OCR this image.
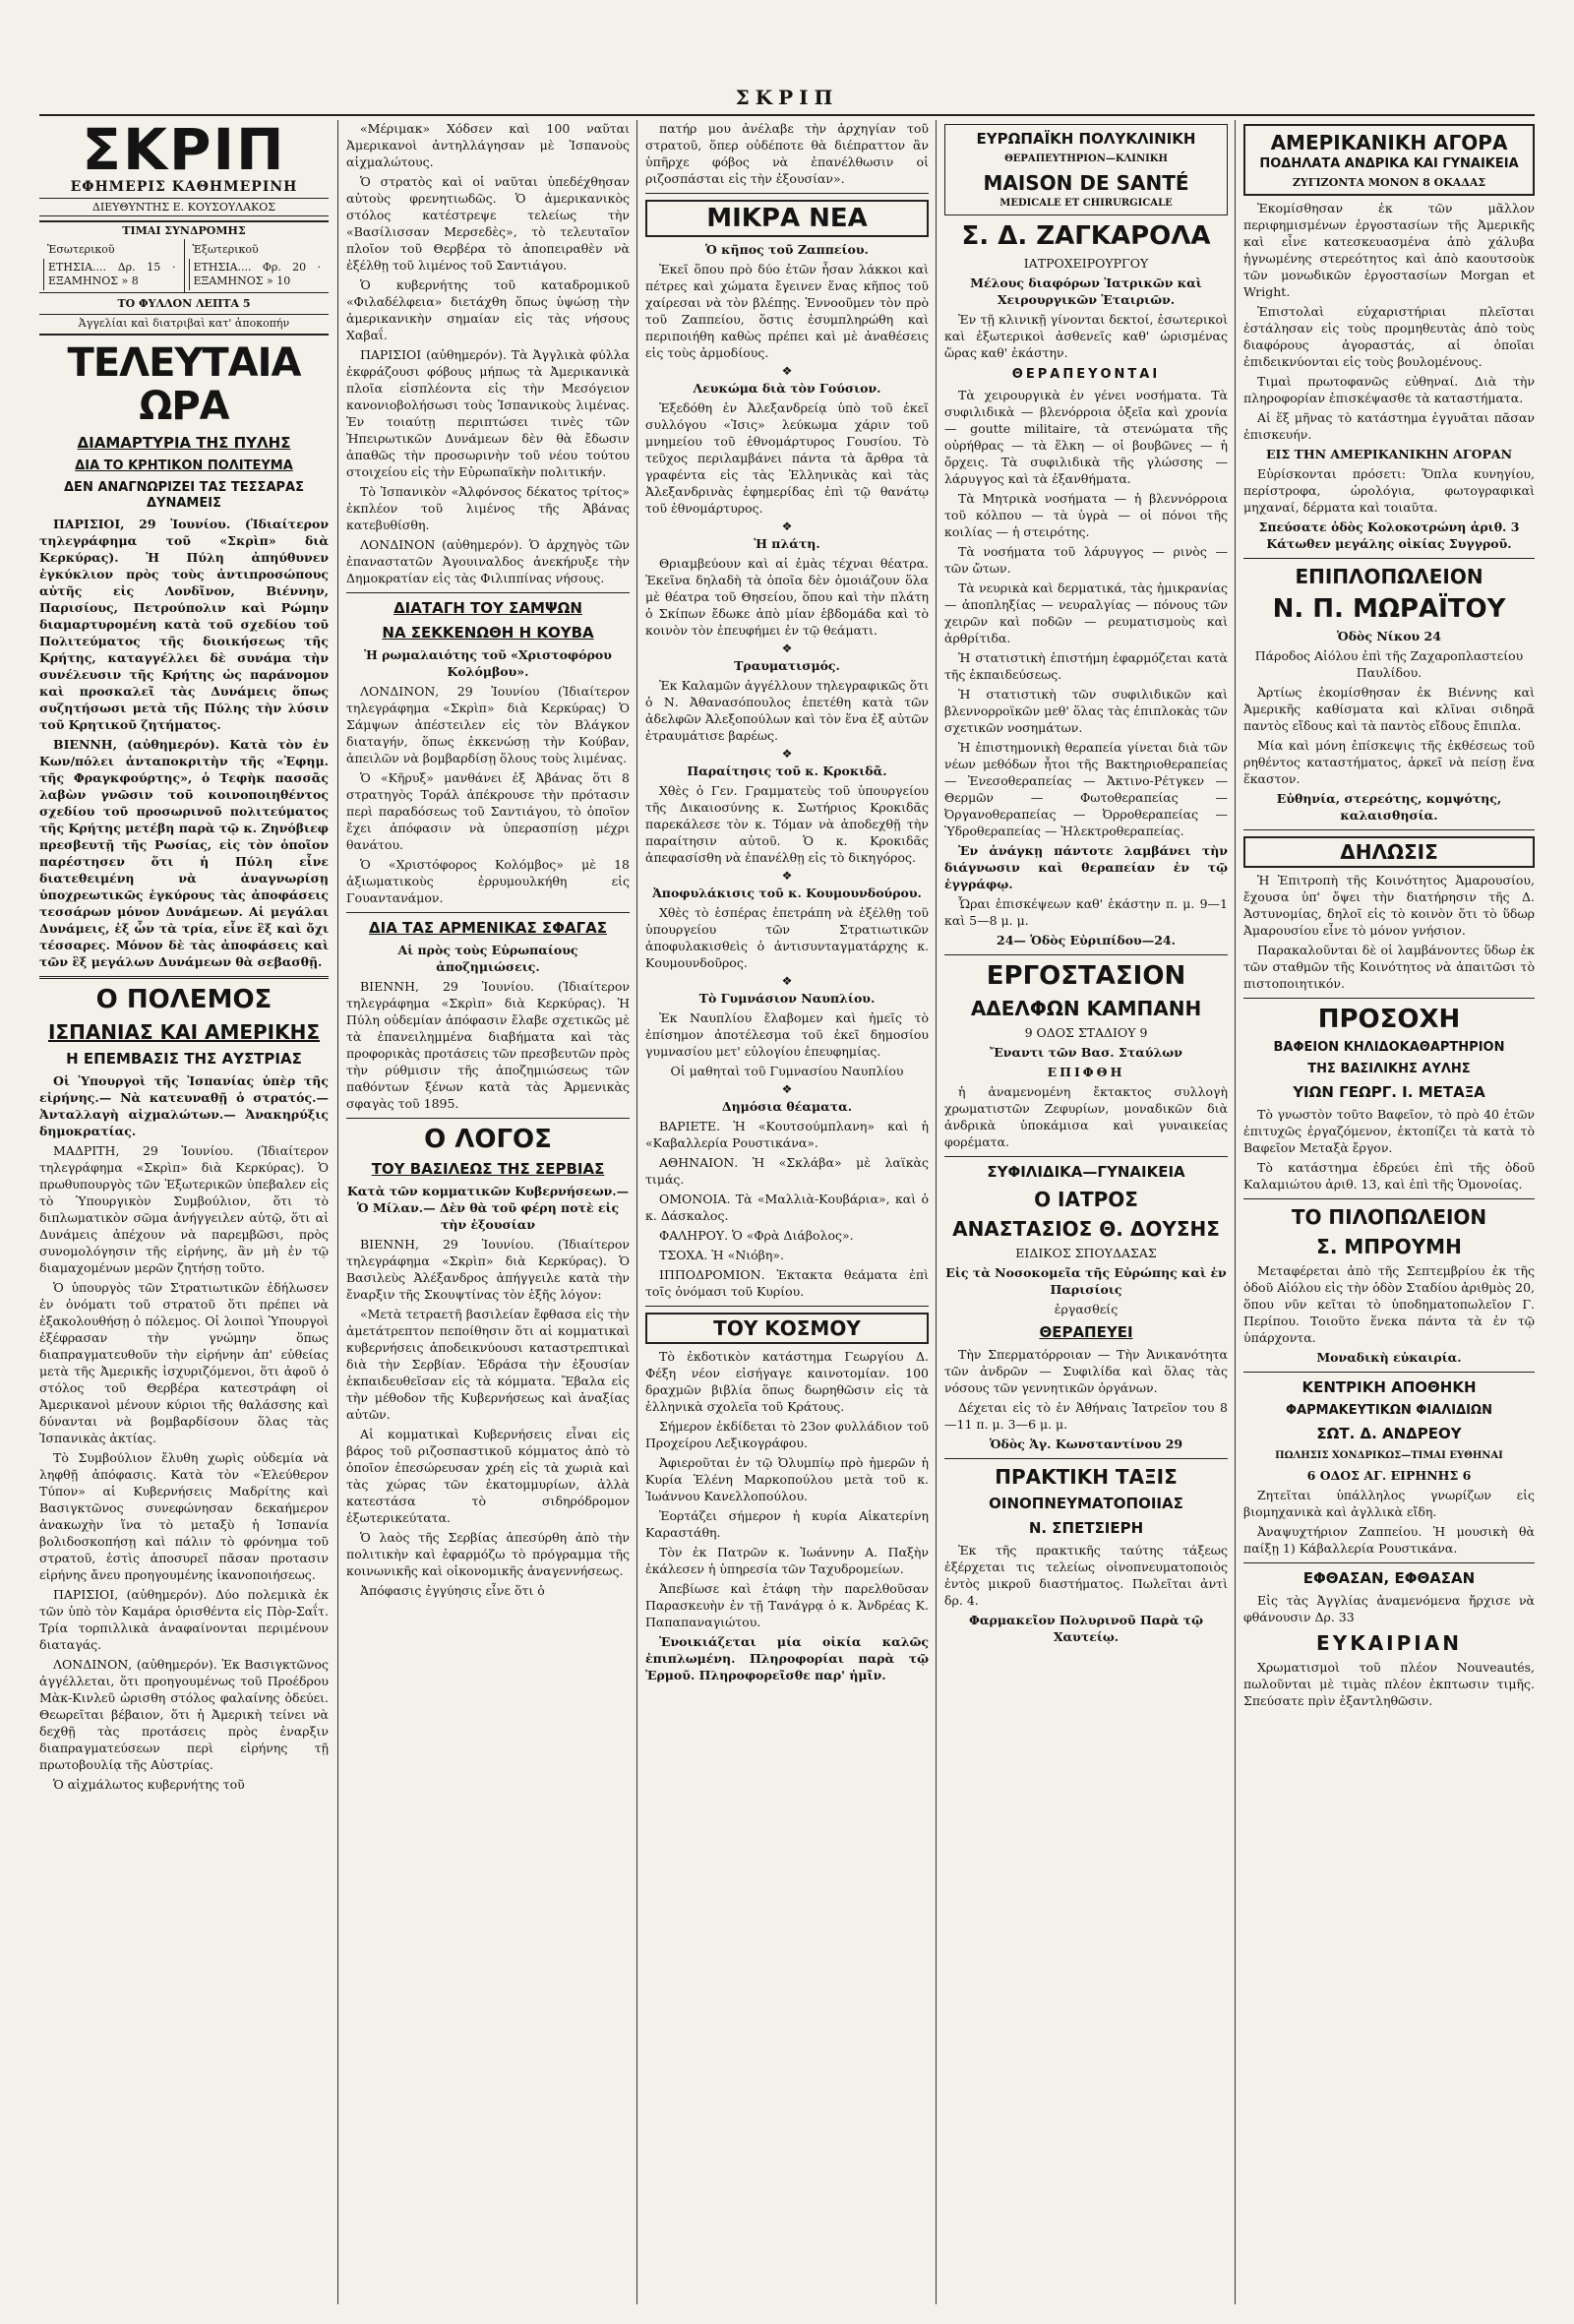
ΣΚΡΙΠ
ΣΚΡΙΠ
ΕΦΗΜΕΡΙΣ ΚΑΘΗΜΕΡΙΝΗ
ΔΙΕΥΘΥΝΤΗΣ Ε. ΚΟΥΣΟΥΛΑΚΟΣ
ΤΙΜΑΙ ΣΥΝΔΡΟΜΗΣ
Ἐσωτερικοῦ
ΕΤΗΣΙΑ.... Δρ. 15 · ΕΞΑΜΗΝΟΣ » 8
Ἐξωτερικοῦ
ΕΤΗΣΙΑ.... Φρ. 20 · ΕΞΑΜΗΝΟΣ » 10
ΤΟ ΦΥΛΛΟΝ ΛΕΠΤΑ 5
Ἀγγελίαι καὶ διατριβαὶ κατ' ἀποκοπήν
ΤΕΛΕΥΤΑΙΑ ΩΡΑ
ΔΙΑΜΑΡΤΥΡΙΑ ΤΗΣ ΠΥΛΗΣ
ΔΙΑ ΤΟ ΚΡΗΤΙΚΟΝ ΠΟΛΙΤΕΥΜΑ
ΔΕΝ ΑΝΑΓΝΩΡΙΖΕΙ ΤΑΣ ΤΕΣΣΑΡΑΣ ΔΥΝΑΜΕΙΣ

ΠΑΡΙΣΙΟΙ, 29 Ἰουνίου. (Ἰδιαίτερον τηλεγράφημα τοῦ «Σκρὶπ» διὰ Κερκύρας). Ἡ Πύλη ἀπηύθυνεν ἐγκύκλιον πρὸς τοὺς ἀντιπροσώπους αὐτῆς εἰς Λονδῖνον, Βιέννην, Παρισίους, Πετρούπολιν καὶ Ρώμην διαμαρτυρομένη κατὰ τοῦ σχεδίου τοῦ Πολιτεύματος τῆς διοικήσεως τῆς Κρήτης, καταγγέλλει δὲ συνάμα τὴν συνέλευσιν τῆς Κρήτης ὡς παράνομον καὶ προσκαλεῖ τὰς Δυνάμεις ὅπως συζητήσωσι μετὰ τῆς Πύλης τὴν λύσιν τοῦ Κρητικοῦ ζητήματος.

ΒΙΕΝΝΗ, (αὐθημερόν). Κατὰ τὸν ἐν Κων/πόλει ἀνταποκριτὴν τῆς «Ἐφημ. τῆς Φραγκφούρτης», ὁ Τεφὴκ πασσᾶς λαβὼν γνῶσιν τοῦ κοινοποιηθέντος σχεδίου τοῦ προσωρινοῦ πολιτεύματος τῆς Κρήτης μετέβη παρὰ τῷ κ. Ζηνόβιεφ πρεσβευτῇ τῆς Ρωσίας, εἰς τὸν ὁποῖον παρέστησεν ὅτι ἡ Πύλη εἶνε διατεθειμένη νὰ ἀναγνωρίσῃ ὑποχρεωτικῶς ἐγκύρους τὰς ἀποφάσεις τεσσάρων μόνον Δυνάμεων. Αἱ μεγάλαι Δυνάμεις, ἐξ ὧν τὰ τρία, εἶνε ἓξ καὶ ὄχι τέσσαρες. Μόνον δὲ τὰς ἀποφάσεις καὶ τῶν ἓξ μεγάλων Δυνάμεων θὰ σεβασθῇ.

Ο ΠΟΛΕΜΟΣ
ΙΣΠΑΝΙΑΣ ΚΑΙ ΑΜΕΡΙΚΗΣ
Η ΕΠΕΜΒΑΣΙΣ ΤΗΣ ΑΥΣΤΡΙΑΣ

Οἱ Ὑπουργοὶ τῆς Ἰσπανίας ὑπὲρ τῆς εἰρήνης.— Νὰ κατευναθῇ ὁ στρατός.— Ἀνταλλαγὴ αἰχμαλώτων.— Ἀνακηρύξις δημοκρατίας.

ΜΑΔΡΙΤΗ, 29 Ἰουνίου. (Ἰδιαίτερον τηλεγράφημα «Σκρὶπ» διὰ Κερκύρας). Ὁ πρωθυπουργὸς τῶν Ἐξωτερικῶν ὑπεβαλεν εἰς τὸ Ὑπουργικὸν Συμβούλιον, ὅτι τὸ διπλωματικὸν σῶμα ἀνήγγειλεν αὐτῷ, ὅτι αἱ Δυνάμεις ἀπέχουν νὰ παρεμβῶσι, πρὸς συνομολόγησιν τῆς εἰρήνης, ἂν μὴ ἐν τῷ διαμαχομένων μερῶν ζητήσῃ τοῦτο.

Ὁ ὑπουργὸς τῶν Στρατιωτικῶν ἐδήλωσεν ἐν ὀνόματι τοῦ στρατοῦ ὅτι πρέπει νὰ ἐξακολουθήσῃ ὁ πόλεμος. Οἱ λοιποὶ Ὑπουργοὶ ἐξέφρασαν τὴν γνώμην ὅπως διαπραγματευθοῦν τὴν εἰρήνην ἀπ' εὐθείας μετὰ τῆς Ἀμερικῆς ἰσχυριζόμενοι, ὅτι ἀφοῦ ὁ στόλος τοῦ Θερβέρα κατεστράφη οἱ Ἀμερικανοὶ μένουν κύριοι τῆς θαλάσσης καὶ δύνανται νὰ βομβαρδίσουν ὅλας τὰς Ἰσπανικὰς ἀκτίας.

Τὸ Συμβούλιον ἔλυθη χωρὶς οὐδεμία νὰ ληφθῇ ἀπόφασις. Κατὰ τὸν «Ἐλεύθερον Τύπον» αἱ Κυβερνήσεις Μαδρίτης καὶ Βασιγκτῶνος συνεφώνησαν δεκαήμερον ἀνακωχὴν ἵνα τὸ μεταξὺ ἡ Ἰσπανία βολιδοσκοπήσῃ καὶ πάλιν τὸ φρόνημα τοῦ στρατοῦ, ἐστὶς ἀποσυρεῖ πᾶσαν προτασιν εἰρήνης ἄνευ προηγουμένης ἱκανοποιήσεως.

ΠΑΡΙΣΙΟΙ, (αὐθημερόν). Δύο πολεμικὰ ἐκ τῶν ὑπὸ τὸν Καμάρα ὁρισθέντα εἰς Πὸρ-Σαΐτ. Τρία τορπιλλικὰ ἀναφαίνονται περιμένουν διαταγάς.

ΛΟΝΔΙΝΟΝ, (αὐθημερόν). Ἐκ Βασιγκτῶνος ἀγγέλλεται, ὅτι προηγουμένως τοῦ Προέδρου Μὰκ-Κινλεῦ ὡρισθη στόλος φαλαίνης ὀδεύει. Θεωρεῖται βέβαιον, ὅτι ἡ Ἀμερικὴ τείνει νὰ δεχθῇ τὰς προτάσεις πρὸς ἐναρξιν διαπραγματεύσεων περὶ εἰρήνης τῇ πρωτοβουλίᾳ τῆς Αὐστρίας.

Ὁ αἰχμάλωτος κυβερνήτης τοῦ

«Μέριμακ» Χόδσεν καὶ 100 ναῦται Ἀμερικανοὶ ἀντηλλάγησαν μὲ Ἰσπανοὺς αἰχμαλώτους.

Ὁ στρατὸς καὶ οἱ ναῦται ὑπεδέχθησαν αὐτοὺς φρενητιωδῶς. Ὁ ἀμερικανικὸς στόλος κατέστρεψε τελείως τὴν «Βασίλισσαν Μερσεδὲς», τὸ τελευταῖον πλοῖον τοῦ Θερβέρα τὸ ἀποπειραθὲν νὰ ἐξέλθῃ τοῦ λιμένος τοῦ Σαντιάγου.

Ὁ κυβερνήτης τοῦ καταδρομικοῦ «Φιλαδέλφεια» διετάχθη ὅπως ὑψώσῃ τὴν ἀμερικανικὴν σημαίαν εἰς τὰς νήσους Χαβαΐ.

ΠΑΡΙΣΙΟΙ (αὐθημερόν). Τὰ Ἀγγλικὰ φύλλα ἐκφράζουσι φόβους μήπως τὰ Ἀμερικανικὰ πλοῖα εἰσπλέοντα εἰς τὴν Μεσόγειον κανονιοβολήσωσι τοὺς Ἰσπανικοὺς λιμένας. Ἐν τοιαύτῃ περιπτώσει τινὲς τῶν Ἠπειρωτικῶν Δυνάμεων δὲν θὰ ἔδωσιν ἀπαθῶς τὴν προσωρινὴν τοῦ νέου τούτου στοιχείου εἰς τὴν Εὐρωπαϊκὴν πολιτικήν.

Τὸ Ἰσπανικὸν «Ἀλφόνσος δέκατος τρίτος» ἐκπλέον τοῦ λιμένος τῆς Ἀβάνας κατεβυθίσθη.

ΛΟΝΔΙΝΟΝ (αὐθημερόν). Ὁ ἀρχηγὸς τῶν ἐπαναστατῶν Ἀγουιναλδος ἀνεκήρυξε τὴν Δημοκρατίαν εἰς τὰς Φιλιππίνας νήσους.

ΔΙΑΤΑΓΗ ΤΟΥ ΣΑΜΨΩΝ
ΝΑ ΣΕΚΚΕΝΩΘΗ Η ΚΟΥΒΑ

Ἡ ρωμαλαιότης τοῦ «Χριστοφόρου Κολόμβου».

ΛΟΝΔΙΝΟΝ, 29 Ἰουνίου (Ἰδιαίτερον τηλεγράφημα «Σκρὶπ» διὰ Κερκύρας) Ὁ Σάμψων ἀπέστειλεν εἰς τὸν Βλάγκον διαταγήν, ὅπως ἐκκενώσῃ τὴν Κούβαν, ἀπειλῶν νὰ βομβαρδίσῃ ὅλους τοὺς λιμένας.

Ὁ «Κῆρυξ» μανθάνει ἐξ Ἀβάνας ὅτι 8 στρατηγὸς Τοράλ ἀπέκρουσε τὴν πρότασιν περὶ παραδόσεως τοῦ Σαντιάγου, τὸ ὁποῖον ἔχει ἀπόφασιν νὰ ὑπερασπίσῃ μέχρι θανάτου.

Ὁ «Χριστόφορος Κολόμβος» μὲ 18 ἀξιωματικοὺς ἐρρυμουλκήθη εἰς Γουαντανάμον.

ΔΙΑ ΤΑΣ ΑΡΜΕΝΙΚΑΣ ΣΦΑΓΑΣ

Αἱ πρὸς τοὺς Εὐρωπαίους ἀποζημιώσεις.

ΒΙΕΝΝΗ, 29 Ἰουνίου. (Ἰδιαίτερον τηλεγράφημα «Σκρὶπ» διὰ Κερκύρας). Ἡ Πύλη οὐδεμίαν ἀπόφασιν ἔλαβε σχετικῶς μὲ τὰ ἐπανειλημμένα διαβήματα καὶ τὰς προφορικὰς προτάσεις τῶν πρεσβευτῶν πρὸς τὴν ρύθμισιν τῆς ἀποζημιώσεως τῶν παθόντων ξένων κατὰ τὰς Ἀρμενικὰς σφαγὰς τοῦ 1895.

Ο ΛΟΓΟΣ
ΤΟΥ ΒΑΣΙΛΕΩΣ ΤΗΣ ΣΕΡΒΙΑΣ

Κατὰ τῶν κομματικῶν Κυβερνήσεων.— Ὁ Μίλαν.— Δὲν θὰ τοῦ φέρη ποτὲ εἰς τὴν ἐξουσίαν

ΒΙΕΝΝΗ, 29 Ἰουνίου. (Ἰδιαίτερον τηλεγράφημα «Σκρὶπ» διὰ Κερκύρας). Ὁ Βασιλεὺς Ἀλέξανδρος ἀπήγγειλε κατὰ τὴν ἔναρξιν τῆς Σκουψτίνας τὸν ἑξῆς λόγον:

«Μετὰ τετραετῆ βασιλείαν ἔφθασα εἰς τὴν ἀμετάτρεπτον πεποίθησιν ὅτι αἱ κομματικαὶ κυβερνήσεις ἀποδεικνύουσι καταστρεπτικαὶ διὰ τὴν Σερβίαν. Ἐδράσα τὴν ἐξουσίαν ἐκπαιδευθεῖσαν εἰς τὰ κόμματα. Ἔβαλα εἰς τὴν μέθοδον τῆς Κυβερνήσεως καὶ ἀναξίας αὐτῶν.

Αἱ κομματικαὶ Κυβερνήσεις εἶναι εἰς βάρος τοῦ ριζοσπαστικοῦ κόμματος ἀπὸ τὸ ὁποῖον ἐπεσώρευσαν χρέη εἰς τὰ χωριὰ καὶ τὰς χώρας τῶν ἐκατομμυρίων, ἀλλὰ κατεστάσα τὸ σιδηρόδρομον ἐξωτερικεύτατα.

Ὁ λαὸς τῆς Σερβίας ἀπεσύρθη ἀπὸ τὴν πολιτικὴν καὶ ἐφαρμόζω τὸ πρόγραμμα τῆς κοινωνικῆς καὶ οἰκονομικῆς ἀναγεννήσεως.

Ἀπόφασις ἐγγύησις εἶνε ὅτι ὁ

πατήρ μου ἀνέλαβε τὴν ἀρχηγίαν τοῦ στρατοῦ, ὅπερ οὐδέποτε θὰ διέπραττον ἂν ὑπῆρχε φόβος νὰ ἐπανέλθωσιν οἱ ριζοσπάσται εἰς τὴν ἐξουσίαν».

ΜΙΚΡΑ ΝΕΑ

Ὁ κῆπος τοῦ Ζαππείου.

Ἐκεῖ ὅπου πρὸ δύο ἐτῶν ἦσαν λάκκοι καὶ πέτρες καὶ χώματα ἔγεινεν ἕνας κῆπος τοῦ χαίρεσαι νὰ τὸν βλέπῃς. Ἐννοοῦμεν τὸν πρὸ τοῦ Ζαππείου, ὅστις ἐσυμπληρώθη καὶ περιποιήθη καθὼς πρέπει καὶ μὲ ἀναθέσεις εἰς τοὺς ἀρμοδίους.

❖

Λευκώμα διὰ τὸν Γούσιον.

Ἐξεδόθη ἐν Ἀλεξανδρείᾳ ὑπὸ τοῦ ἐκεῖ συλλόγου «Ἰσις» λεύκωμα χάριν τοῦ μνημείου τοῦ ἐθνομάρτυρος Γουσίου. Τὸ τεῦχος περιλαμβάνει πάντα τὰ ἄρθρα τὰ γραφέντα εἰς τὰς Ἑλληνικὰς καὶ τὰς Ἀλεξανδρινὰς ἐφημερίδας ἐπὶ τῷ θανάτῳ τοῦ ἐθνομάρτυρος.

❖

Ἡ πλάτη.

Θριαμβεύουν καὶ αἱ ἐμὰς τέχναι θέατρα. Ἐκεῖνα δηλαδὴ τὰ ὁποῖα δὲν ὁμοιάζουν ὅλα μὲ θέατρα τοῦ Θησείου, ὅπου καὶ τὴν πλάτη ὁ Σκίπων ἔδωκε ἀπὸ μίαν ἑβδομάδα καὶ τὸ κοινὸν τὸν ἐπευφήμει ἐν τῷ θεάματι.

❖

Τραυματισμός.

Ἐκ Καλαμῶν ἀγγέλλουν τηλεγραφικῶς ὅτι ὁ Ν. Ἀθανασόπουλος ἐπετέθη κατὰ τῶν ἀδελφῶν Ἀλεξοπούλων καὶ τὸν ἕνα ἐξ αὐτῶν ἐτραυμάτισε βαρέως.

❖

Παραίτησις τοῦ κ. Κροκιδᾶ.

Χθὲς ὁ Γεν. Γραμματεὺς τοῦ ὑπουργείου τῆς Δικαιοσύνης κ. Σωτήριος Κροκιδᾶς παρεκάλεσε τὸν κ. Τόμαν νὰ ἀποδεχθῇ τὴν παραίτησιν αὐτοῦ. Ὁ κ. Κροκιδᾶς ἀπεφασίσθη νὰ ἐπανέλθῃ εἰς τὸ δικηγόρος.

❖

Ἀποφυλάκισις τοῦ κ. Κουμουνδούρου.

Χθὲς τὸ ἑσπέρας ἐπετράπη νὰ ἐξέλθῃ τοῦ ὑπουργείου τῶν Στρατιωτικῶν ἀποφυλακισθεὶς ὁ ἀντισυνταγματάρχης κ. Κουμουνδοῦρος.

❖

Τὸ Γυμνάσιον Ναυπλίου.

Ἐκ Ναυπλίου ἔλαβομεν καὶ ἡμεῖς τὸ ἐπίσημον ἀποτέλεσμα τοῦ ἐκεῖ δημοσίου γυμνασίου μετ' εὐλογίου ἐπευφημίας.

Οἱ μαθηταὶ τοῦ Γυμνασίου Ναυπλίου

❖

Δημόσια θέαματα.

ΒΑΡΙΕΤΕ. Ἡ «Κουτσούμπλανη» καὶ ἡ «Καβαλλερία Ρουστικάνα».

ΑΘΗΝΑΙΟΝ. Ἡ «Σκλάβα» μὲ λαϊκὰς τιμάς.

ΟΜΟΝΟΙΑ. Τὰ «Μαλλιὰ-Κουβάρια», καὶ ὁ κ. Δάσκαλος.

ΦΑΛΗΡΟΥ. Ὁ «Φρὰ Διάβολος».

ΤΣΟΧΑ. Ἡ «Νιόβη».

ΙΠΠΟΔΡΟΜΙΟΝ. Ἐκτακτα θεάματα ἐπὶ τοῖς ὀνόμασι τοῦ Κυρίου.

ΤΟΥ ΚΟΣΜΟΥ

Τὸ ἐκδοτικὸν κατάστημα Γεωργίου Δ. Φέξη νέον εἰσήγαγε καινοτομίαν. 100 δραχμῶν βιβλία ὅπως δωρηθῶσιν εἰς τὰ ἑλληνικὰ σχολεῖα τοῦ Κράτους.

Σήμερον ἐκδίδεται τὸ 23ον φυλλάδιον τοῦ Προχείρου Λεξικογράφου.

Ἀφιεροῦται ἐν τῷ Ὀλυμπίῳ πρὸ ἡμερῶν ἡ Κυρία Ἑλένη Μαρκοπούλου μετὰ τοῦ κ. Ἰωάννου Κανελλοπούλου.

Ἑορτάζει σήμερον ἡ κυρία Αἰκατερίνη Καραστάθη.

Τὸν ἐκ Πατρῶν κ. Ἰωάννην Α. Παξὴν ἐκάλεσεν ἡ ὑπηρεσία τῶν Ταχυδρομείων.

Ἀπεβίωσε καὶ ἐτάφη τὴν παρελθοῦσαν Παρασκευὴν ἐν τῇ Τανάγρᾳ ὁ κ. Ἀνδρέας Κ. Παπαπαναγιώτου.

Ἐνοικιάζεται μία οἰκία καλῶς ἐπιπλωμένη. Πληροφορίαι παρὰ τῷ Ἐρμοῦ. Πληροφορεῖσθε παρ' ἡμῖν.

ΕΥΡΩΠΑΪΚΗ ΠΟΛΥΚΛΙΝΙΚΗ
ΘΕΡΑΠΕΥΤΗΡΙΟΝ—ΚΛΙΝΙΚΗ
MAISON DE SANTÉ
MEDICALE ET CHIRURGICALE
Σ. Δ. ΖΑΓΚΑΡΟΛΑ

ΙΑΤΡΟΧΕΙΡΟΥΡΓΟΥ

Μέλους διαφόρων Ἰατρικῶν καὶ Χειρουργικῶν Ἑταιριῶν.

Ἐν τῇ κλινικῇ γίνονται δεκτοί, ἐσωτερικοὶ καὶ ἐξωτερικοὶ ἀσθενεῖς καθ' ὡρισμένας ὥρας καθ' ἑκάστην.

ΘΕΡΑΠΕΥΟΝΤΑΙ

Τὰ χειρουργικὰ ἐν γένει νοσήματα. Τὰ συφιλιδικὰ — βλενόρροια ὀξεῖα καὶ χρονία — goutte militaire, τὰ στενώματα τῆς οὐρήθρας — τὰ ἕλκη — οἱ βουβῶνες — ἡ ὄρχεις. Τὰ συφιλιδικὰ τῆς γλώσσης — λάρυγγος καὶ τὰ ἐξανθήματα.

Τὰ Μητρικὰ νοσήματα — ἡ βλεννόρροια τοῦ κόλπου — τὰ ὑγρὰ — οἱ πόνοι τῆς κοιλίας — ἡ στειρότης.

Τὰ νοσήματα τοῦ λάρυγγος — ρινὸς — τῶν ὤτων.

Τὰ νευρικὰ καὶ δερματικά, τὰς ἡμικρανίας — ἀποπληξίας — νευραλγίας — πόνους τῶν χειρῶν καὶ ποδῶν — ρευματισμοὺς καὶ ἀρθρίτιδα.

Ἡ στατιστικὴ ἐπιστήμη ἐφαρμόζεται κατὰ τῆς ἐκπαιδεύσεως.

Ἡ στατιστικὴ τῶν συφιλιδικῶν καὶ βλεννορροϊκῶν μεθ' ὅλας τὰς ἐπιπλοκὰς τῶν σχετικῶν νοσημάτων.

Ἡ ἐπιστημονικὴ θεραπεία γίνεται διὰ τῶν νέων μεθόδων ἦτοι τῆς Βακτηριοθεραπείας — Ἐνεσοθεραπείας — Ἀκτινο-Ρέτγκεν — Θερμῶν — Φωτοθεραπείας — Ὀργανοθεραπείας — Ὀρροθεραπείας — Ὑδροθεραπείας — Ἠλεκτροθεραπείας.

Ἐν ἀνάγκῃ πάντοτε λαμβάνει τὴν διάγνωσιν καὶ θεραπείαν ἐν τῷ ἐγγράφῳ.

Ὧραι ἐπισκέψεων καθ' ἑκάστην π. μ. 9—1 καὶ 5—8 μ. μ.

24— Ὁδὸς Εὐριπίδου—24.

ΕΡΓΟΣΤΑΣΙΟΝ
ΑΔΕΛΦΩΝ ΚΑΜΠΑΝΗ

9 ΟΔΟΣ ΣΤΑΔΙΟΥ 9

Ἔναντι τῶν Βασ. Σταύλων

ΕΠΙΦΘΗ

ἡ ἀναμενομένη ἔκτακτος συλλογὴ χρωματιστῶν Ζεφυρίων, μοναδικῶν διὰ ἀνδρικὰ ὑποκάμισα καὶ γυναικείας φορέματα.

ΣΥΦΙΛΙΔΙΚΑ—ΓΥΝΑΙΚΕΙΑ
Ο ΙΑΤΡΟΣ
ΑΝΑΣΤΑΣΙΟΣ Θ. ΔΟΥΣΗΣ

ΕΙΔΙΚΟΣ ΣΠΟΥΔΑΣΑΣ

Εἰς τὰ Νοσοκομεῖα τῆς Εὐρώπης καὶ ἐν Παρισίοις

ἐργασθείς

ΘΕΡΑΠΕΥΕΙ

Τὴν Σπερματόρροιαν — Τὴν Ἀνικανότητα τῶν ἀνδρῶν — Συφιλίδα καὶ ὅλας τὰς νόσους τῶν γεννητικῶν ὀργάνων.

Δέχεται εἰς τὸ ἐν Ἀθήναις Ἰατρεῖον του 8—11 π. μ. 3—6 μ. μ.

Ὁδὸς Ἁγ. Κωνσταντίνου 29

ΠΡΑΚΤΙΚΗ ΤΑΞΙΣ
ΟΙΝΟΠΝΕΥΜΑΤΟΠΟΙΙΑΣ
Ν. ΣΠΕΤΣΙΕΡΗ

Ἐκ τῆς πρακτικῆς ταύτης τάξεως ἐξέρχεται τις τελείως οἰνοπνευματοποιὸς ἐντὸς μικροῦ διαστήματος. Πωλεῖται ἀντὶ δρ. 4.

Φαρμακεῖον Πολυρινοῦ Παρὰ τῷ Χαυτείῳ.

ΑΜΕΡΙΚΑΝΙΚΗ ΑΓΟΡΑ
ΠΟΔΗΛΑΤΑ ΑΝΔΡΙΚΑ ΚΑΙ ΓΥΝΑΙΚΕΙΑ
ΖΥΓΙΖΟΝΤΑ ΜΟΝΟΝ 8 ΟΚΑΔΑΣ

Ἐκομίσθησαν ἐκ τῶν μᾶλλον περιφημισμένων ἐργοστασίων τῆς Ἀμερικῆς καὶ εἶνε κατεσκευασμένα ἀπὸ χάλυβα ἡγνωμένης στερεότητος καὶ ἀπὸ καουτσοὺκ τῶν μονωδικῶν ἐργοστασίων Morgan et Wright.

Ἐπιστολαὶ εὐχαριστήριαι πλεῖσται ἐστάλησαν εἰς τοὺς προμηθευτὰς ἀπὸ τοὺς διαφόρους ἀγοραστάς, αἱ ὁποῖαι ἐπιδεικνύονται εἰς τοὺς βουλομένους.

Τιμαὶ πρωτοφανῶς εὐθηναί. Διὰ τὴν πληροφορίαν ἐπισκέψασθε τὰ καταστήματα.

Αἱ ἕξ μῆνας τὸ κατάστημα ἐγγυᾶται πᾶσαν ἐπισκευήν.

ΕΙΣ ΤΗΝ ΑΜΕΡΙΚΑΝΙΚΗΝ ΑΓΟΡΑΝ

Εὑρίσκονται πρόσετι: Ὅπλα κυνηγίου, περίστροφα, ὡρολόγια, φωτογραφικαὶ μηχαναί, δέρματα καὶ τοιαῦτα.

Σπεύσατε ὁδὸς Κολοκοτρώνη ἀριθ. 3 Κάτωθεν μεγάλης οἰκίας Συγγροῦ.

ΕΠΙΠΛΟΠΩΛΕΙΟΝ
Ν. Π. ΜΩΡΑΪΤΟΥ

Ὁδὸς Νίκου 24

Πάροδος Αἰόλου ἐπὶ τῆς Ζαχαροπλαστείου Παυλίδου.

Ἀρτίως ἐκομίσθησαν ἐκ Βιέννης καὶ Ἀμερικῆς καθίσματα καὶ κλῖναι σιδηρᾶ παντὸς εἴδους καὶ τὰ παντὸς εἴδους ἔπιπλα.

Μία καὶ μόνη ἐπίσκεψις τῆς ἐκθέσεως τοῦ ρηθέντος καταστήματος, ἀρκεῖ νὰ πείσῃ ἕνα ἕκαστον.

Εὐθηνία, στερεότης, κομψότης, καλαισθησία.

ΔΗΛΩΣΙΣ

Ἡ Ἐπιτροπὴ τῆς Κοινότητος Ἀμαρουσίου, ἔχουσα ὑπ' ὄψει τὴν διατήρησιν τῆς Δ. Ἀστυνομίας, δηλοῖ εἰς τὸ κοινὸν ὅτι τὸ ὕδωρ Ἀμαρουσίου εἶνε τὸ μόνον γνήσιον.

Παρακαλοῦνται δὲ οἱ λαμβάνοντες ὕδωρ ἐκ τῶν σταθμῶν τῆς Κοινότητος νὰ ἀπαιτῶσι τὸ πιστοποιητικόν.

ΠΡΟΣΟΧΗ
ΒΑΦΕΙΟΝ ΚΗΛΙΔΟΚΑΘΑΡΤΗΡΙΟΝ
ΤΗΣ ΒΑΣΙΛΙΚΗΣ ΑΥΛΗΣ
ΥΙΩΝ ΓΕΩΡΓ. Ι. ΜΕΤΑΞΑ

Τὸ γνωστὸν τοῦτο Βαφεῖον, τὸ πρὸ 40 ἐτῶν ἐπιτυχῶς ἐργαζόμενον, ἐκτοπίζει τὰ κατὰ τὸ Βαφεῖον Μεταξὰ ἔργον.

Τὸ κατάστημα ἐδρεύει ἐπὶ τῆς ὁδοῦ Καλαμιώτου ἀριθ. 13, καὶ ἐπὶ τῆς Ὁμονοίας.

ΤΟ ΠΙΛΟΠΩΛΕΙΟΝ
Σ. ΜΠΡΟΥΜΗ

Μεταφέρεται ἀπὸ τῆς Σεπτεμβρίου ἐκ τῆς ὁδοῦ Αἰόλου εἰς τὴν ὁδὸν Σταδίου ἀριθμὸς 20, ὅπου νῦν κεῖται τὸ ὑποδηματοπωλεῖον Γ. Περίπου. Τοιοῦτο ἕνεκα πάντα τὰ ἐν τῷ ὑπάρχοντα.

Μοναδικὴ εὐκαιρία.

ΚΕΝΤΡΙΚΗ ΑΠΟΘΗΚΗ
ΦΑΡΜΑΚΕΥΤΙΚΩΝ ΦΙΑΛΙΔΙΩΝ
ΣΩΤ. Δ. ΑΝΔΡΕΟΥ

ΠΩΛΗΣΙΣ ΧΟΝΔΡΙΚΩΣ—ΤΙΜΑΙ ΕΥΘΗΝΑΙ

6 ΟΔΟΣ ΑΓ. ΕΙΡΗΝΗΣ 6

Ζητεῖται ὑπάλληλος γνωρίζων εἰς βιομηχανικὰ καὶ ἀγλλικὰ εἴδη.

Ἀναψυχτήριον Ζαππείου. Ἡ μουσικὴ θὰ παίξῃ 1) Κάβαλλερία Ρουστικάνα.

ΕΦΘΑΣΑΝ, ΕΦΘΑΣΑΝ

Εἰς τὰς Ἀγγλίας ἀναμενόμενα ἤρχισε νὰ φθάνουσιν Δρ. 33

ΕΥΚΑΙΡΙΑΝ

Χρωματισμοὶ τοῦ πλέον Nouveautés, πωλοῦνται μὲ τιμὰς πλέον ἐκπτωσιν τιμῆς. Σπεύσατε πρὶν ἐξαντληθῶσιν.
